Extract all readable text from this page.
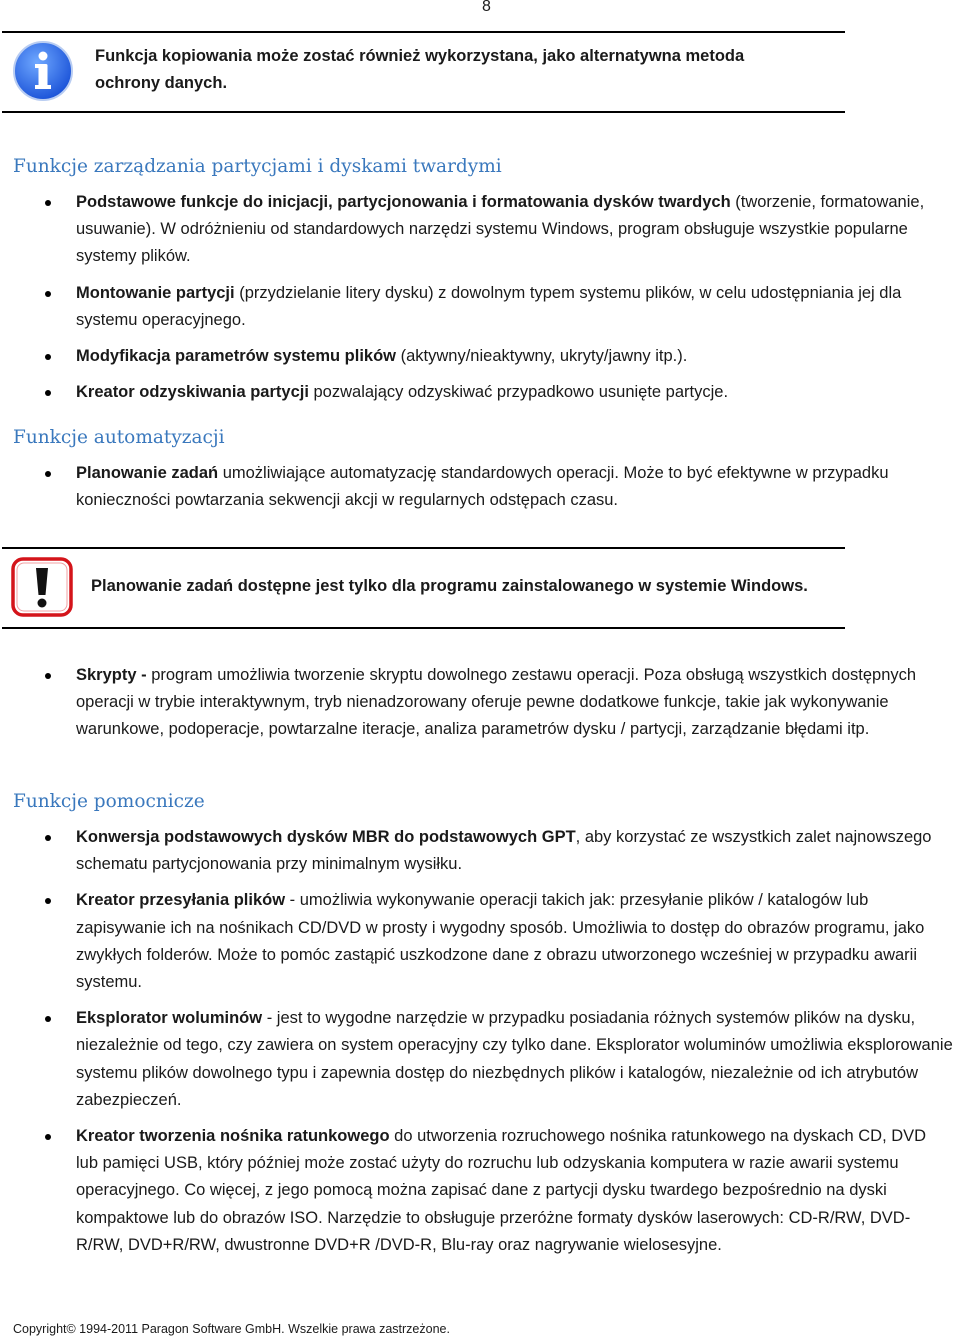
8
Funkcja kopiowania może zostać również wykorzystana, jako alternatywna metoda ochrony danych.
Funkcje zarządzania partycjami i dyskami twardymi
Podstawowe funkcje do inicjacji, partycjonowania i formatowania dysków twardych (tworzenie, formatowanie, usuwanie). W odróżnieniu od standardowych narzędzi systemu Windows, program obsługuje wszystkie popularne systemy plików.
Montowanie partycji (przydzielanie litery dysku) z dowolnym typem systemu plików, w celu udostępniania jej dla systemu operacyjnego.
Modyfikacja parametrów systemu plików (aktywny/nieaktywny, ukryty/jawny itp.).
Kreator odzyskiwania partycji pozwalający odzyskiwać przypadkowo usunięte partycje.
Funkcje automatyzacji
Planowanie zadań umożliwiające automatyzację standardowych operacji. Może to być efektywne w przypadku konieczności powtarzania sekwencji akcji w regularnych odstępach czasu.
Planowanie zadań dostępne jest tylko dla programu zainstalowanego w systemie Windows.
Skrypty - program umożliwia tworzenie skryptu dowolnego zestawu operacji. Poza obsługą wszystkich dostępnych operacji w trybie interaktywnym, tryb nienadzorowany oferuje pewne dodatkowe funkcje, takie jak wykonywanie warunkowe, podoperacje, powtarzalne iteracje, analiza parametrów dysku / partycji, zarządzanie błędami itp.
Funkcje pomocnicze
Konwersja podstawowych dysków MBR do podstawowych GPT, aby korzystać ze wszystkich zalet najnowszego schematu partycjonowania przy minimalnym wysiłku.
Kreator przesyłania plików - umożliwia wykonywanie operacji takich jak: przesyłanie plików / katalogów lub zapisywanie ich na nośnikach CD/DVD w prosty i wygodny sposób. Umożliwia to dostęp do obrazów programu, jako zwykłych folderów. Może to pomóc zastąpić uszkodzone dane z obrazu utworzonego wcześniej w przypadku awarii systemu.
Eksplorator woluminów - jest to wygodne narzędzie w przypadku posiadania różnych systemów plików na dysku, niezależnie od tego, czy zawiera on system operacyjny czy tylko dane. Eksplorator woluminów umożliwia eksplorowanie systemu plików dowolnego typu i zapewnia dostęp do niezbędnych plików i katalogów, niezależnie od ich atrybutów zabezpieczeń.
Kreator tworzenia nośnika ratunkowego do utworzenia rozruchowego nośnika ratunkowego na dyskach CD, DVD lub pamięci USB, który później może zostać użyty do rozruchu lub odzyskania komputera w razie awarii systemu operacyjnego. Co więcej, z jego pomocą można zapisać dane z partycji dysku twardego bezpośrednio na dyski kompaktowe lub do obrazów ISO. Narzędzie to obsługuje przeróżne formaty dysków laserowych: CD-R/RW, DVD-R/RW, DVD+R/RW, dwustronne DVD+R /DVD-R, Blu-ray oraz nagrywanie wielosesyjne.
Copyright© 1994-2011 Paragon Software GmbH. Wszelkie prawa zastrzeżone.
